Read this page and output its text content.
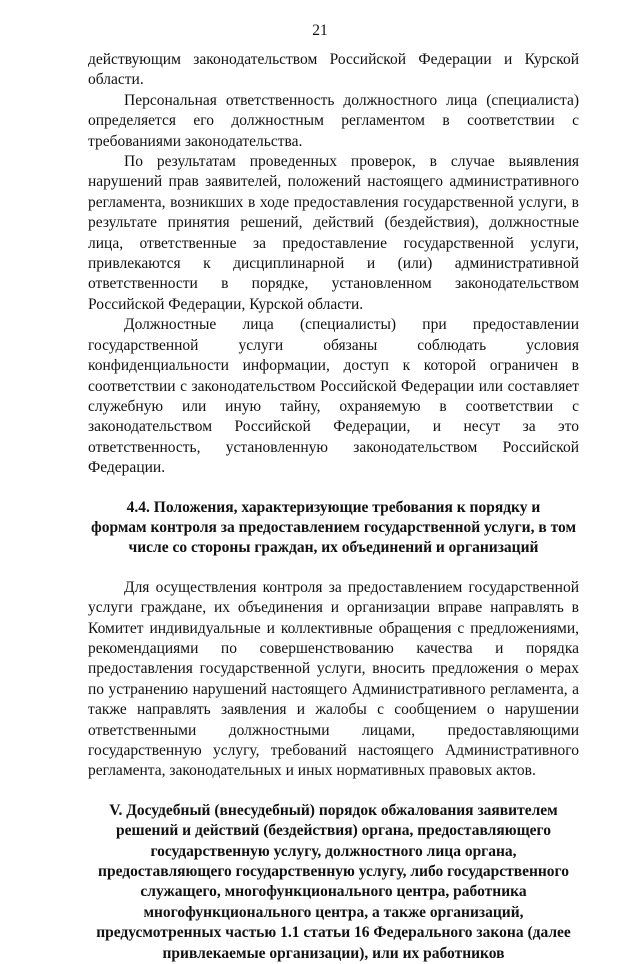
21

действующим законодательством Российской Федерации и Курской области.

Персональная ответственность должностного лица (специалиста) определяется его должностным регламентом в соответствии с требованиями законодательства.

По результатам проведенных проверок, в случае выявления нарушений прав заявителей, положений настоящего административного регламента, возникших в ходе предоставления государственной услуги, в результате принятия решений, действий (бездействия), должностные лица, ответственные за предоставление государственной услуги, привлекаются к дисциплинарной и (или) административной ответственности в порядке, установленном законодательством Российской Федерации, Курской области.

Должностные лица (специалисты) при предоставлении государственной услуги обязаны соблюдать условия конфиденциальности информации, доступ к которой ограничен в соответствии с законодательством Российской Федерации или составляет служебную или иную тайну, охраняемую в соответствии с законодательством Российской Федерации, и несут за это ответственность, установленную законодательством Российской Федерации.

4.4. Положения, характеризующие требования к порядку и
формам контроля за предоставлением государственной услуги, в том
числе со стороны граждан, их объединений и организаций

Для осуществления контроля за предоставлением государственной услуги граждане, их объединения и организации вправе направлять в Комитет индивидуальные и коллективные обращения с предложениями, рекомендациями по совершенствованию качества и порядка предоставления государственной услуги, вносить предложения о мерах по устранению нарушений настоящего Административного регламента, а также направлять заявления и жалобы с сообщением о нарушении ответственными должностными лицами, предоставляющими государственную услугу, требований настоящего Административного регламента, законодательных и иных нормативных правовых актов.

V. Досудебный (внесудебный) порядок обжалования заявителем
решений и действий (бездействия) органа, предоставляющего
государственную услугу, должностного лица органа,
предоставляющего государственную услугу, либо государственного
служащего, многофункционального центра, работника
многофункционального центра, а также организаций,
предусмотренных частью 1.1 статьи 16 Федерального закона (далее
привлекаемые организации), или их работников
